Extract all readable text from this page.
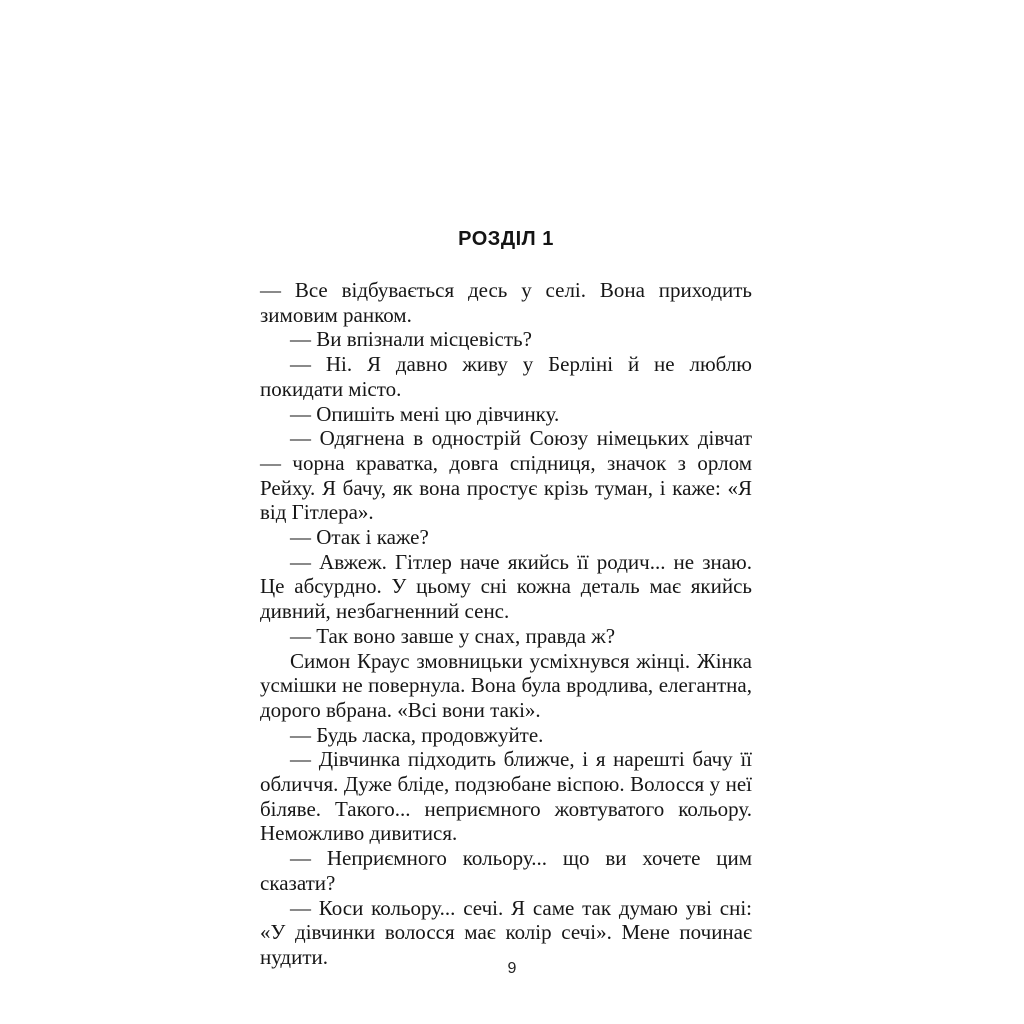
РОЗДІЛ 1

— Все відбувається десь у селі. Вона приходить зимовим ранком.

— Ви впізнали місцевість?

— Ні. Я давно живу у Берліні й не люблю покидати місто.

— Опишіть мені цю дівчинку.

— Одягнена в однострій Союзу німецьких дівчат — чорна краватка, довга спідниця, значок з орлом Рейху. Я бачу, як вона простує крізь туман, і каже: «Я від Гітлера».

— Отак і каже?

— Авжеж. Гітлер наче якийсь її родич... не знаю. Це абсурдно. У цьому сні кожна деталь має якийсь дивний, незбагненний сенс.

— Так воно завше у снах, правда ж?

Симон Краус змовницьки усміхнувся жінці. Жінка усмішки не повернула. Вона була вродлива, елегантна, дорого вбрана. «Всі вони такі».

— Будь ласка, продовжуйте.

— Дівчинка підходить ближче, і я нарешті бачу її обличчя. Дуже бліде, подзюбане віспою. Волосся у неї біляве. Такого... неприємного жовтуватого кольору. Неможливо дивитися.

— Неприємного кольору... що ви хочете цим сказати?

— Коси кольору... сечі. Я саме так думаю уві сні: «У дівчинки волосся має колір сечі». Мене починає нудити.	9
